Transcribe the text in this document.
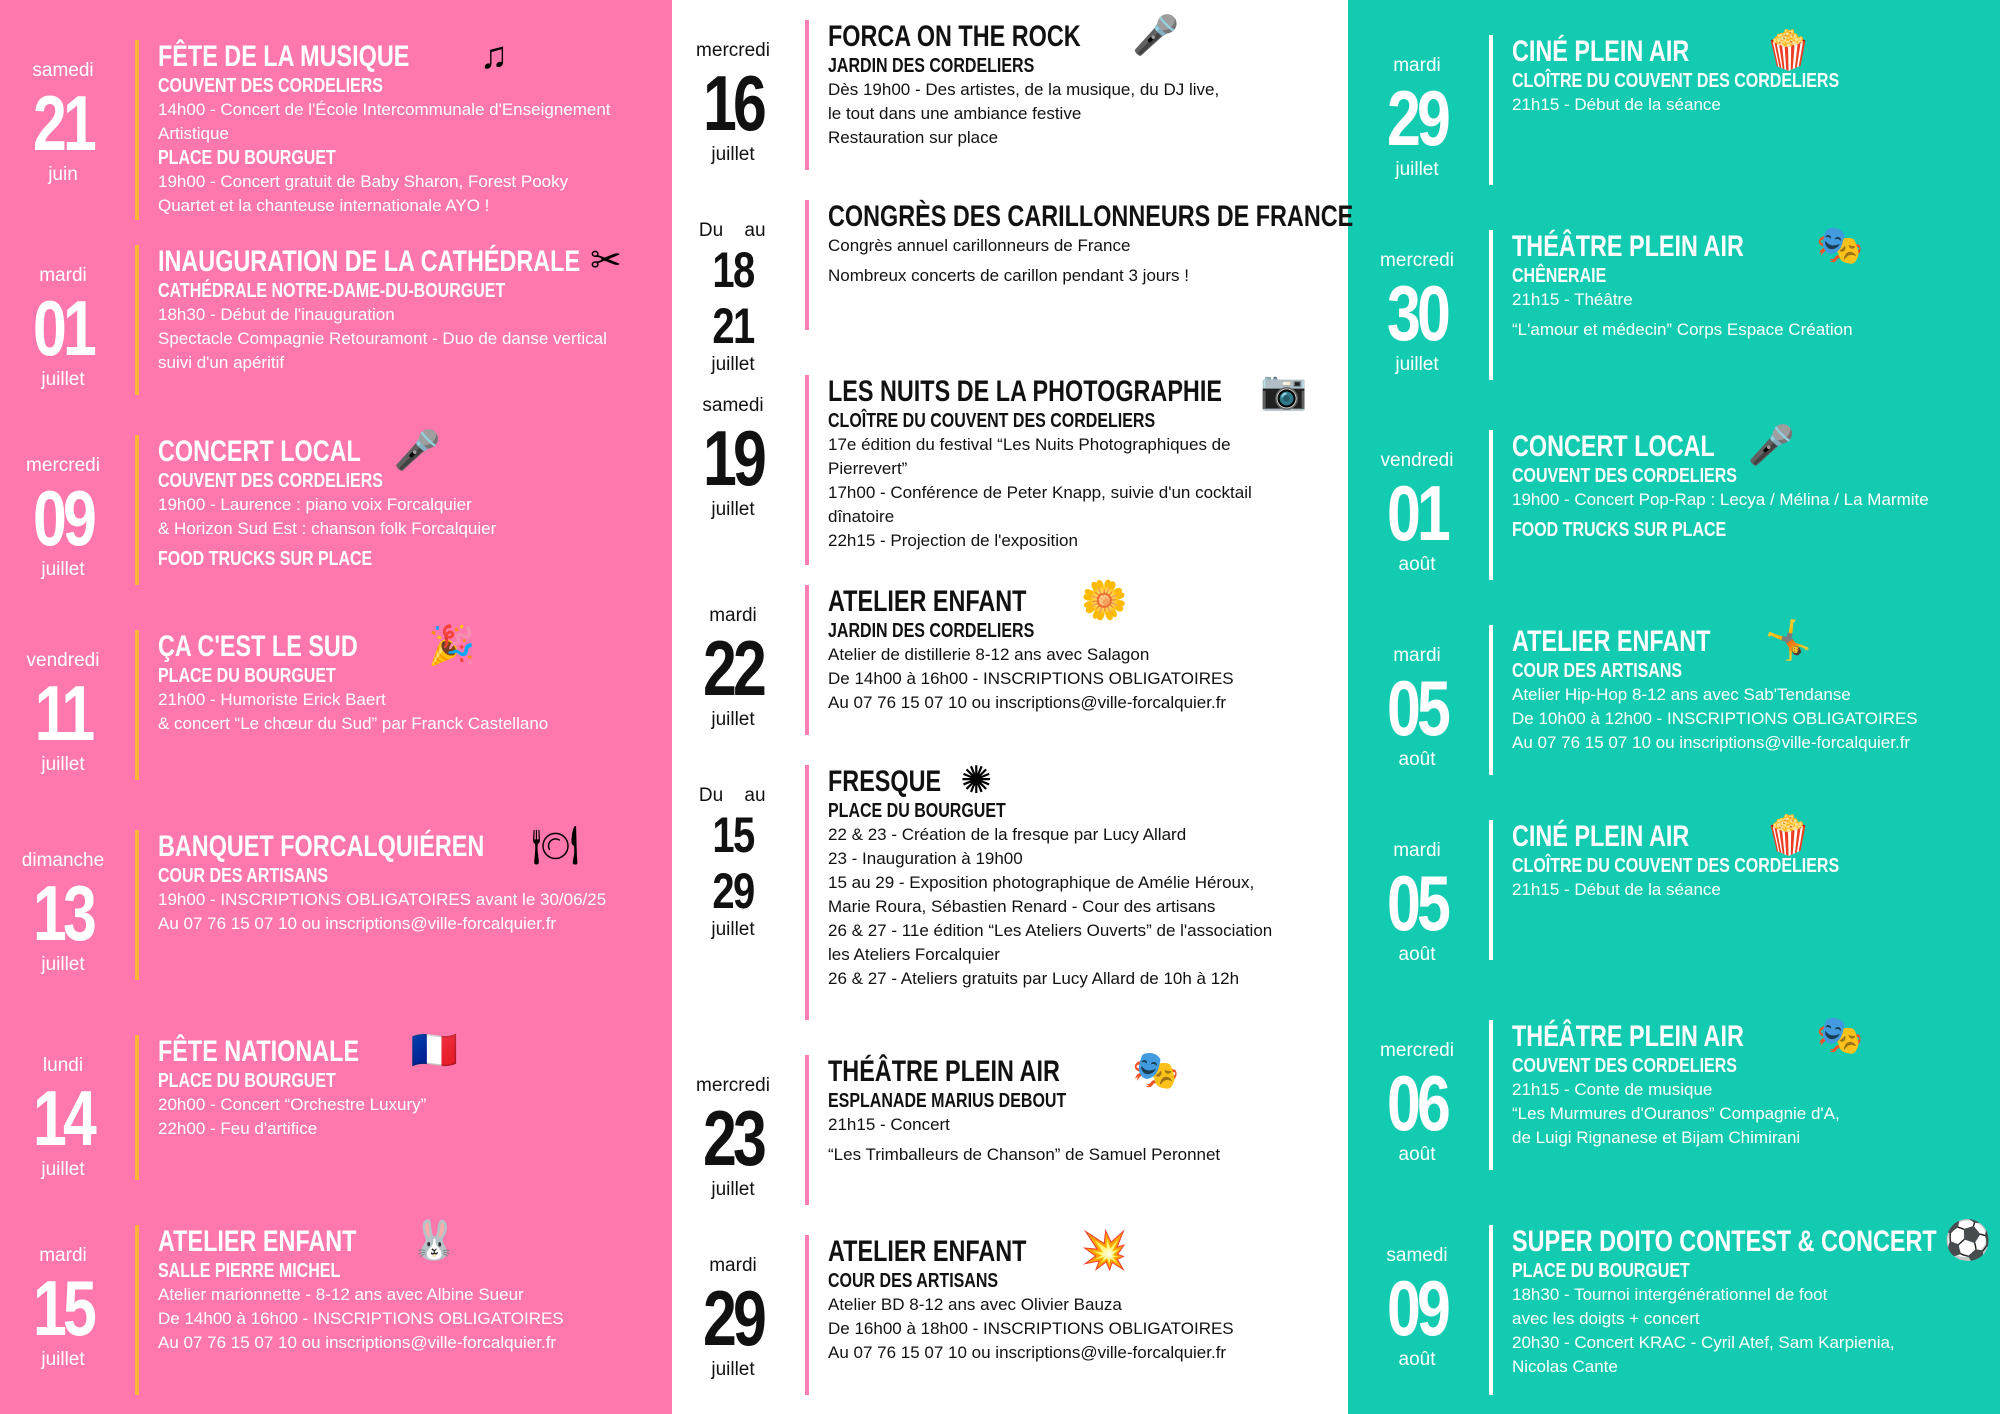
samedi
21
juin
FÊTE DE LA MUSIQUE
COUVENT DES CORDELIERS
14h00 - Concert de l'École Intercommunale d'Enseignement
Artistique
PLACE DU BOURGUET
19h00 - Concert gratuit de Baby Sharon, Forest Pooky
Quartet et la chanteuse internationale AYO !
♫
mardi
01
juillet
INAUGURATION DE LA CATHÉDRALE
CATHÉDRALE NOTRE-DAME-DU-BOURGUET
18h30 - Début de l'inauguration
Spectacle Compagnie Retouramont - Duo de danse vertical
suivi d'un apéritif
✂
mercredi
09
juillet
CONCERT LOCAL
COUVENT DES CORDELIERS
19h00 - Laurence : piano voix Forcalquier
& Horizon Sud Est : chanson folk Forcalquier
FOOD TRUCKS SUR PLACE
🎤
vendredi
11
juillet
ÇA C'EST LE SUD
PLACE DU BOURGUET
21h00 - Humoriste Erick Baert
& concert “Le chœur du Sud” par Franck Castellano
🎉
dimanche
13
juillet
BANQUET FORCALQUIÉREN
COUR DES ARTISANS
19h00 - INSCRIPTIONS OBLIGATOIRES avant le 30/06/25
Au 07 76 15 07 10 ou inscriptions@ville-forcalquier.fr
🍽
lundi
14
juillet
FÊTE NATIONALE
PLACE DU BOURGUET
20h00 - Concert “Orchestre Luxury”
22h00 - Feu d'artifice
🇫🇷
mardi
15
juillet
ATELIER ENFANT
SALLE PIERRE MICHEL
Atelier marionnette - 8-12 ans avec Albine Sueur
De 14h00 à 16h00 - INSCRIPTIONS OBLIGATOIRES
Au 07 76 15 07 10 ou inscriptions@ville-forcalquier.fr
🐰
mercredi
16
juillet
FORCA ON THE ROCK
JARDIN DES CORDELIERS
Dès 19h00 - Des artistes, de la musique, du DJ live,
le tout dans une ambiance festive
Restauration sur place
🎤
Du au
18 21
juillet
CONGRÈS DES CARILLONNEURS DE FRANCE
Congrès annuel carillonneurs de France
Nombreux concerts de carillon pendant 3 jours !
samedi
19
juillet
LES NUITS DE LA PHOTOGRAPHIE
CLOÎTRE DU COUVENT DES CORDELIERS
17e édition du festival “Les Nuits Photographiques de
Pierrevert”
17h00 - Conférence de Peter Knapp, suivie d'un cocktail
dînatoire
22h15 - Projection de l'exposition
📷
mardi
22
juillet
ATELIER ENFANT
JARDIN DES CORDELIERS
Atelier de distillerie 8-12 ans avec Salagon
De 14h00 à 16h00 - INSCRIPTIONS OBLIGATOIRES
Au 07 76 15 07 10 ou inscriptions@ville-forcalquier.fr
🌼
Du au
15 29
juillet
FRESQUE
PLACE DU BOURGUET
22 & 23 - Création de la fresque par Lucy Allard
23 - Inauguration à 19h00
15 au 29 - Exposition photographique de Amélie Héroux,
Marie Roura, Sébastien Renard - Cour des artisans
26 & 27 - 11e édition “Les Ateliers Ouverts” de l'association
les Ateliers Forcalquier
26 & 27 - Ateliers gratuits par Lucy Allard de 10h à 12h
✺
mercredi
23
juillet
THÉÂTRE PLEIN AIR
ESPLANADE MARIUS DEBOUT
21h15 - Concert
“Les Trimballeurs de Chanson” de Samuel Peronnet
🎭
mardi
29
juillet
ATELIER ENFANT
COUR DES ARTISANS
Atelier BD 8-12 ans avec Olivier Bauza
De 16h00 à 18h00 - INSCRIPTIONS OBLIGATOIRES
Au 07 76 15 07 10 ou inscriptions@ville-forcalquier.fr
💥
mardi
29
juillet
CINÉ PLEIN AIR
CLOÎTRE DU COUVENT DES CORDELIERS
21h15 - Début de la séance
🍿
mercredi
30
juillet
THÉÂTRE PLEIN AIR
CHÊNERAIE
21h15 - Théâtre
“L'amour et médecin” Corps Espace Création
🎭
vendredi
01
août
CONCERT LOCAL
COUVENT DES CORDELIERS
19h00 - Concert Pop-Rap : Lecya / Mélina / La Marmite
FOOD TRUCKS SUR PLACE
🎤
mardi
05
août
ATELIER ENFANT
COUR DES ARTISANS
Atelier Hip-Hop 8-12 ans avec Sab'Tendanse
De 10h00 à 12h00 - INSCRIPTIONS OBLIGATOIRES
Au 07 76 15 07 10 ou inscriptions@ville-forcalquier.fr
🤸
mardi
05
août
CINÉ PLEIN AIR
CLOÎTRE DU COUVENT DES CORDELIERS
21h15 - Début de la séance
🍿
mercredi
06
août
THÉÂTRE PLEIN AIR
COUVENT DES CORDELIERS
21h15 - Conte de musique
“Les Murmures d'Ouranos” Compagnie d'A,
de Luigi Rignanese et Bijam Chimirani
🎭
samedi
09
août
SUPER DOITO CONTEST & CONCERT
PLACE DU BOURGUET
18h30 - Tournoi intergénérationnel de foot
avec les doigts + concert
20h30 - Concert KRAC - Cyril Atef, Sam Karpienia,
Nicolas Cante
⚽
